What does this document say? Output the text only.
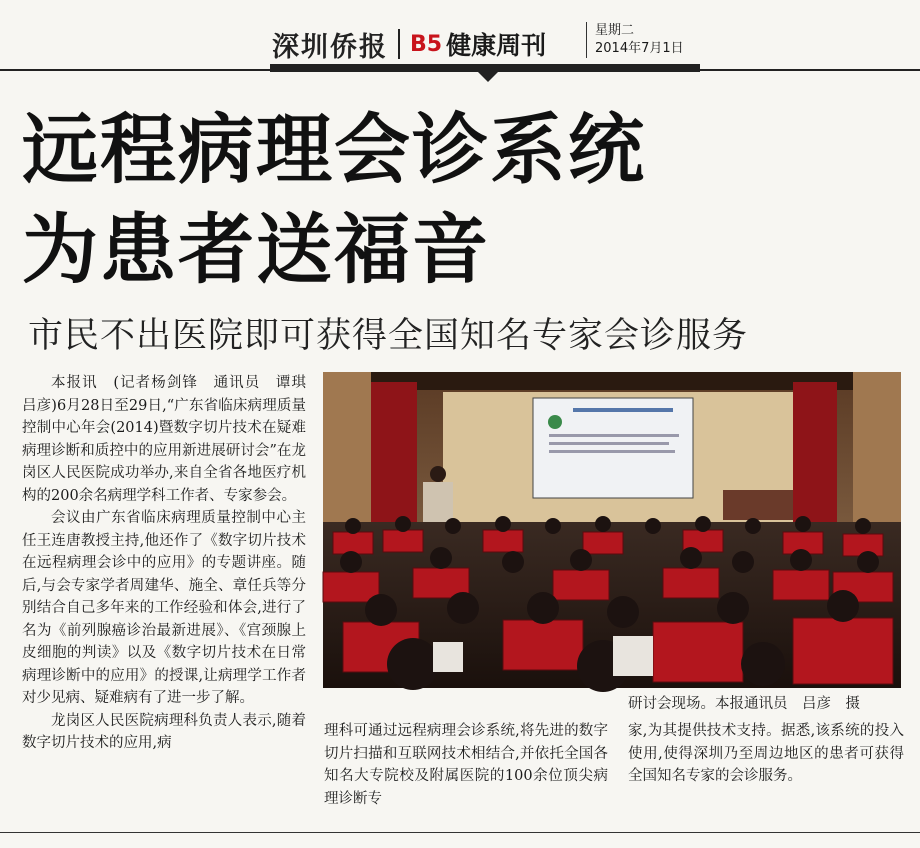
深圳侨报 B5 健康周刊
星期二
2014年7月1日
远程病理会诊系统
为患者送福音
市民不出医院即可获得全国知名专家会诊服务

本报讯　(记者杨剑锋　通讯员　谭琪　吕彦)6月28日至29日,“广东省临床病理质量控制中心年会(2014)暨数字切片技术在疑难病理诊断和质控中的应用新进展研讨会”在龙岗区人民医院成功举办,来自全省各地医疗机构的200余名病理学科工作者、专家参会。

会议由广东省临床病理质量控制中心主任王连唐教授主持,他还作了《数字切片技术在远程病理会诊中的应用》的专题讲座。随后,与会专家学者周建华、施全、章任兵等分别结合自己多年来的工作经验和体会,进行了名为《前列腺癌诊治最新进展》、《宫颈腺上皮细胞的判读》以及《数字切片技术在日常病理诊断中的应用》的授课,让病理学工作者对少见病、疑难病有了进一步了解。

龙岗区人民医院病理科负责人表示,随着数字切片技术的应用,病

研讨会现场。本报通讯员　吕彦　摄

理科可通过远程病理会诊系统,将先进的数字切片扫描和互联网技术相结合,并依托全国各知名大专院校及附属医院的100余位顶尖病理诊断专

家,为其提供技术支持。据悉,该系统的投入使用,使得深圳乃至周边地区的患者可获得全国知名专家的会诊服务。
